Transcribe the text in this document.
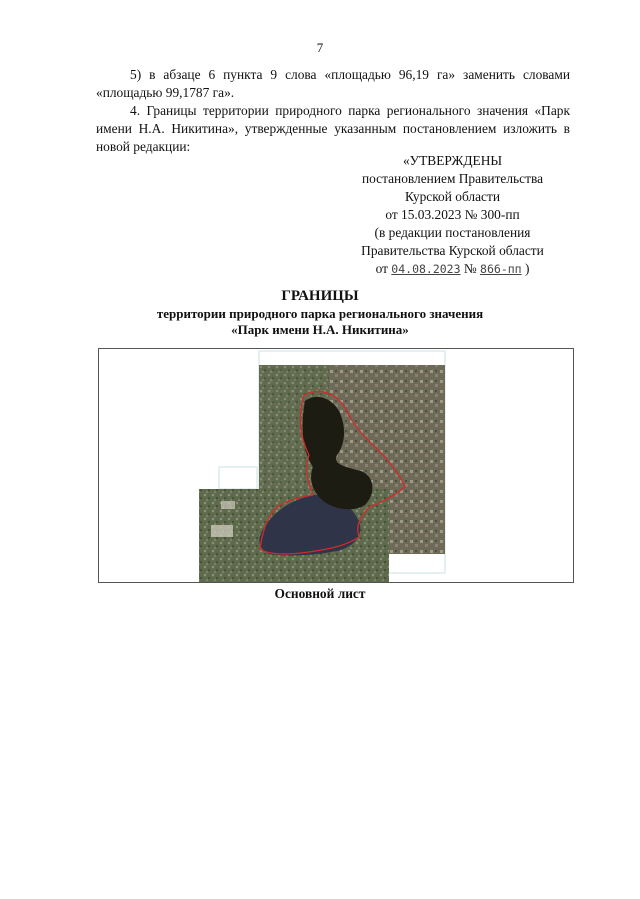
7
5) в абзаце 6 пункта 9 слова «площадью 96,19 га» заменить словами «площадью 99,1787 га».
4. Границы территории природного парка регионального значения «Парк имени Н.А. Никитина», утвержденные указанным постановлением изложить в новой редакции:
«УТВЕРЖДЕНЫ
постановлением Правительства
Курской области
от 15.03.2023 № 300-пп
(в редакции постановления
Правительства Курской области
от 04.08.2023 № 866-пп )
ГРАНИЦЫ
территории природного парка регионального значения
«Парк имени Н.А. Никитина»
Основной лист
